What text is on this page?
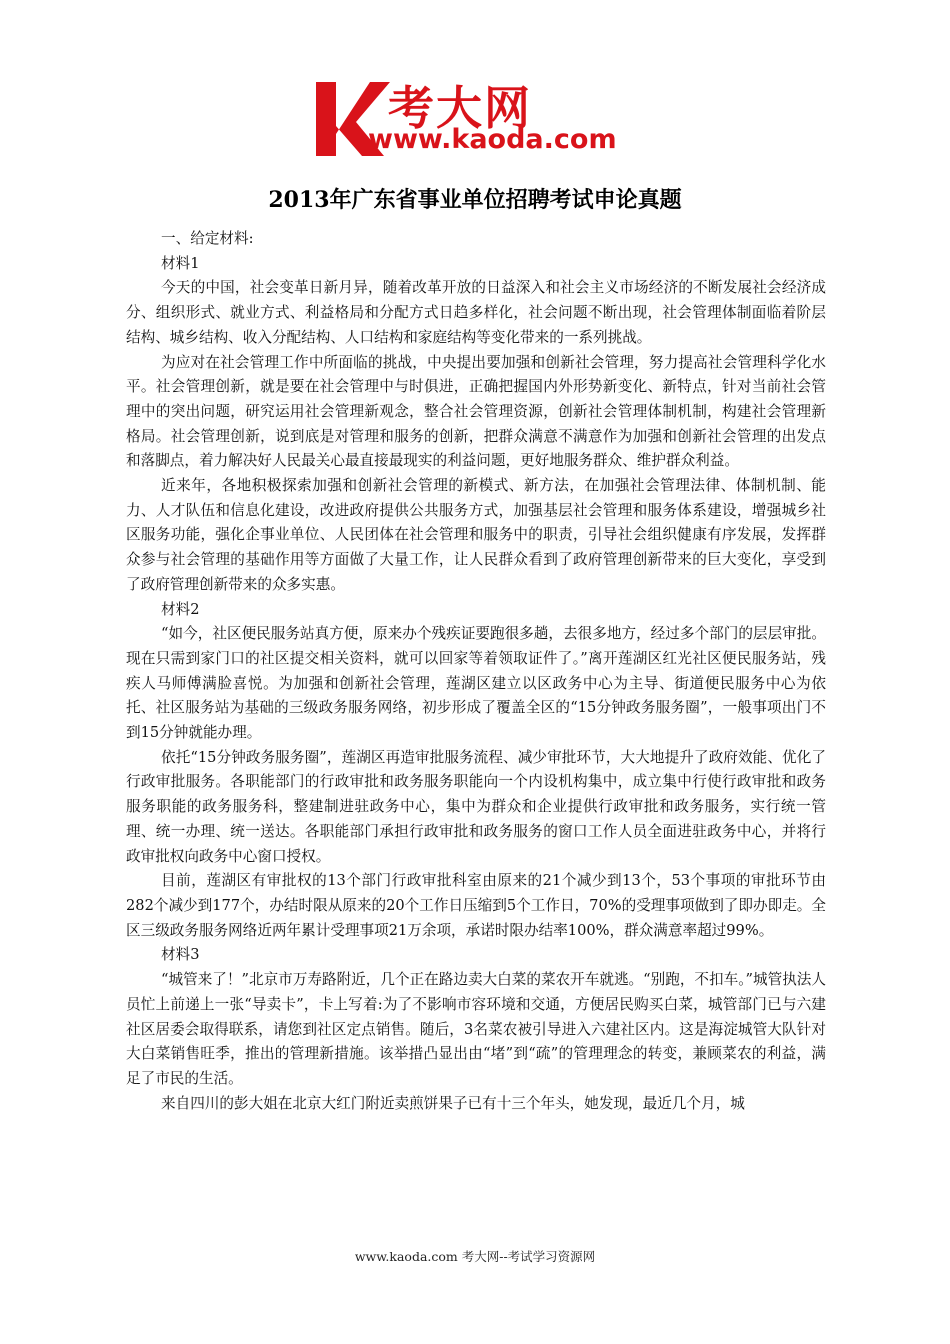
考大网
www.kaoda.com
2013年广东省事业单位招聘考试申论真题

一、给定材料:

材料1

今天的中国，社会变革日新月异，随着改革开放的日益深入和社会主义市场经济的不断发展社会经济成分、组织形式、就业方式、利益格局和分配方式日趋多样化，社会问题不断出现，社会管理体制面临着阶层结构、城乡结构、收入分配结构、人口结构和家庭结构等变化带来的一系列挑战。

为应对在社会管理工作中所面临的挑战，中央提出要加强和创新社会管理，努力提高社会管理科学化水平。社会管理创新，就是要在社会管理中与时俱进，正确把握国内外形势新变化、新特点，针对当前社会管理中的突出问题，研究运用社会管理新观念，整合社会管理资源，创新社会管理体制机制，构建社会管理新格局。社会管理创新，说到底是对管理和服务的创新，把群众满意不满意作为加强和创新社会管理的出发点和落脚点，着力解决好人民最关心最直接最现实的利益问题，更好地服务群众、维护群众利益。

近来年，各地积极探索加强和创新社会管理的新模式、新方法，在加强社会管理法律、体制机制、能力、人才队伍和信息化建设，改进政府提供公共服务方式，加强基层社会管理和服务体系建设，增强城乡社区服务功能，强化企事业单位、人民团体在社会管理和服务中的职责，引导社会组织健康有序发展，发挥群众参与社会管理的基础作用等方面做了大量工作，让人民群众看到了政府管理创新带来的巨大变化，享受到了政府管理创新带来的众多实惠。

材料2

“如今，社区便民服务站真方便，原来办个残疾证要跑很多趟，去很多地方，经过多个部门的层层审批。现在只需到家门口的社区提交相关资料，就可以回家等着领取证件了。”离开莲湖区红光社区便民服务站，残疾人马师傅满脸喜悦。为加强和创新社会管理，莲湖区建立以区政务中心为主导、街道便民服务中心为依托、社区服务站为基础的三级政务服务网络，初步形成了覆盖全区的“15分钟政务服务圈”，一般事项出门不到15分钟就能办理。

依托“15分钟政务服务圈”，莲湖区再造审批服务流程、减少审批环节，大大地提升了政府效能、优化了行政审批服务。各职能部门的行政审批和政务服务职能向一个内设机构集中，成立集中行使行政审批和政务服务职能的政务服务科，整建制进驻政务中心，集中为群众和企业提供行政审批和政务服务，实行统一管理、统一办理、统一送达。各职能部门承担行政审批和政务服务的窗口工作人员全面进驻政务中心，并将行政审批权向政务中心窗口授权。

目前，莲湖区有审批权的13个部门行政审批科室由原来的21个减少到13个，53个事项的审批环节由282个减少到177个，办结时限从原来的20个工作日压缩到5个工作日，70%的受理事项做到了即办即走。全区三级政务服务网络近两年累计受理事项21万余项，承诺时限办结率100%，群众满意率超过99%。

材料3

“城管来了！”北京市万寿路附近，几个正在路边卖大白菜的菜农开车就逃。“别跑，不扣车。”城管执法人员忙上前递上一张“导卖卡”，卡上写着:为了不影响市容环境和交通，方便居民购买白菜，城管部门已与六建社区居委会取得联系，请您到社区定点销售。随后，3名菜农被引导进入六建社区内。这是海淀城管大队针对大白菜销售旺季，推出的管理新措施。该举措凸显出由“堵”到“疏”的管理理念的转变，兼顾菜农的利益，满足了市民的生活。

来自四川的彭大姐在北京大红门附近卖煎饼果子已有十三个年头，她发现，最近几个月，城

www.kaoda.com 考大网--考试学习资源网
